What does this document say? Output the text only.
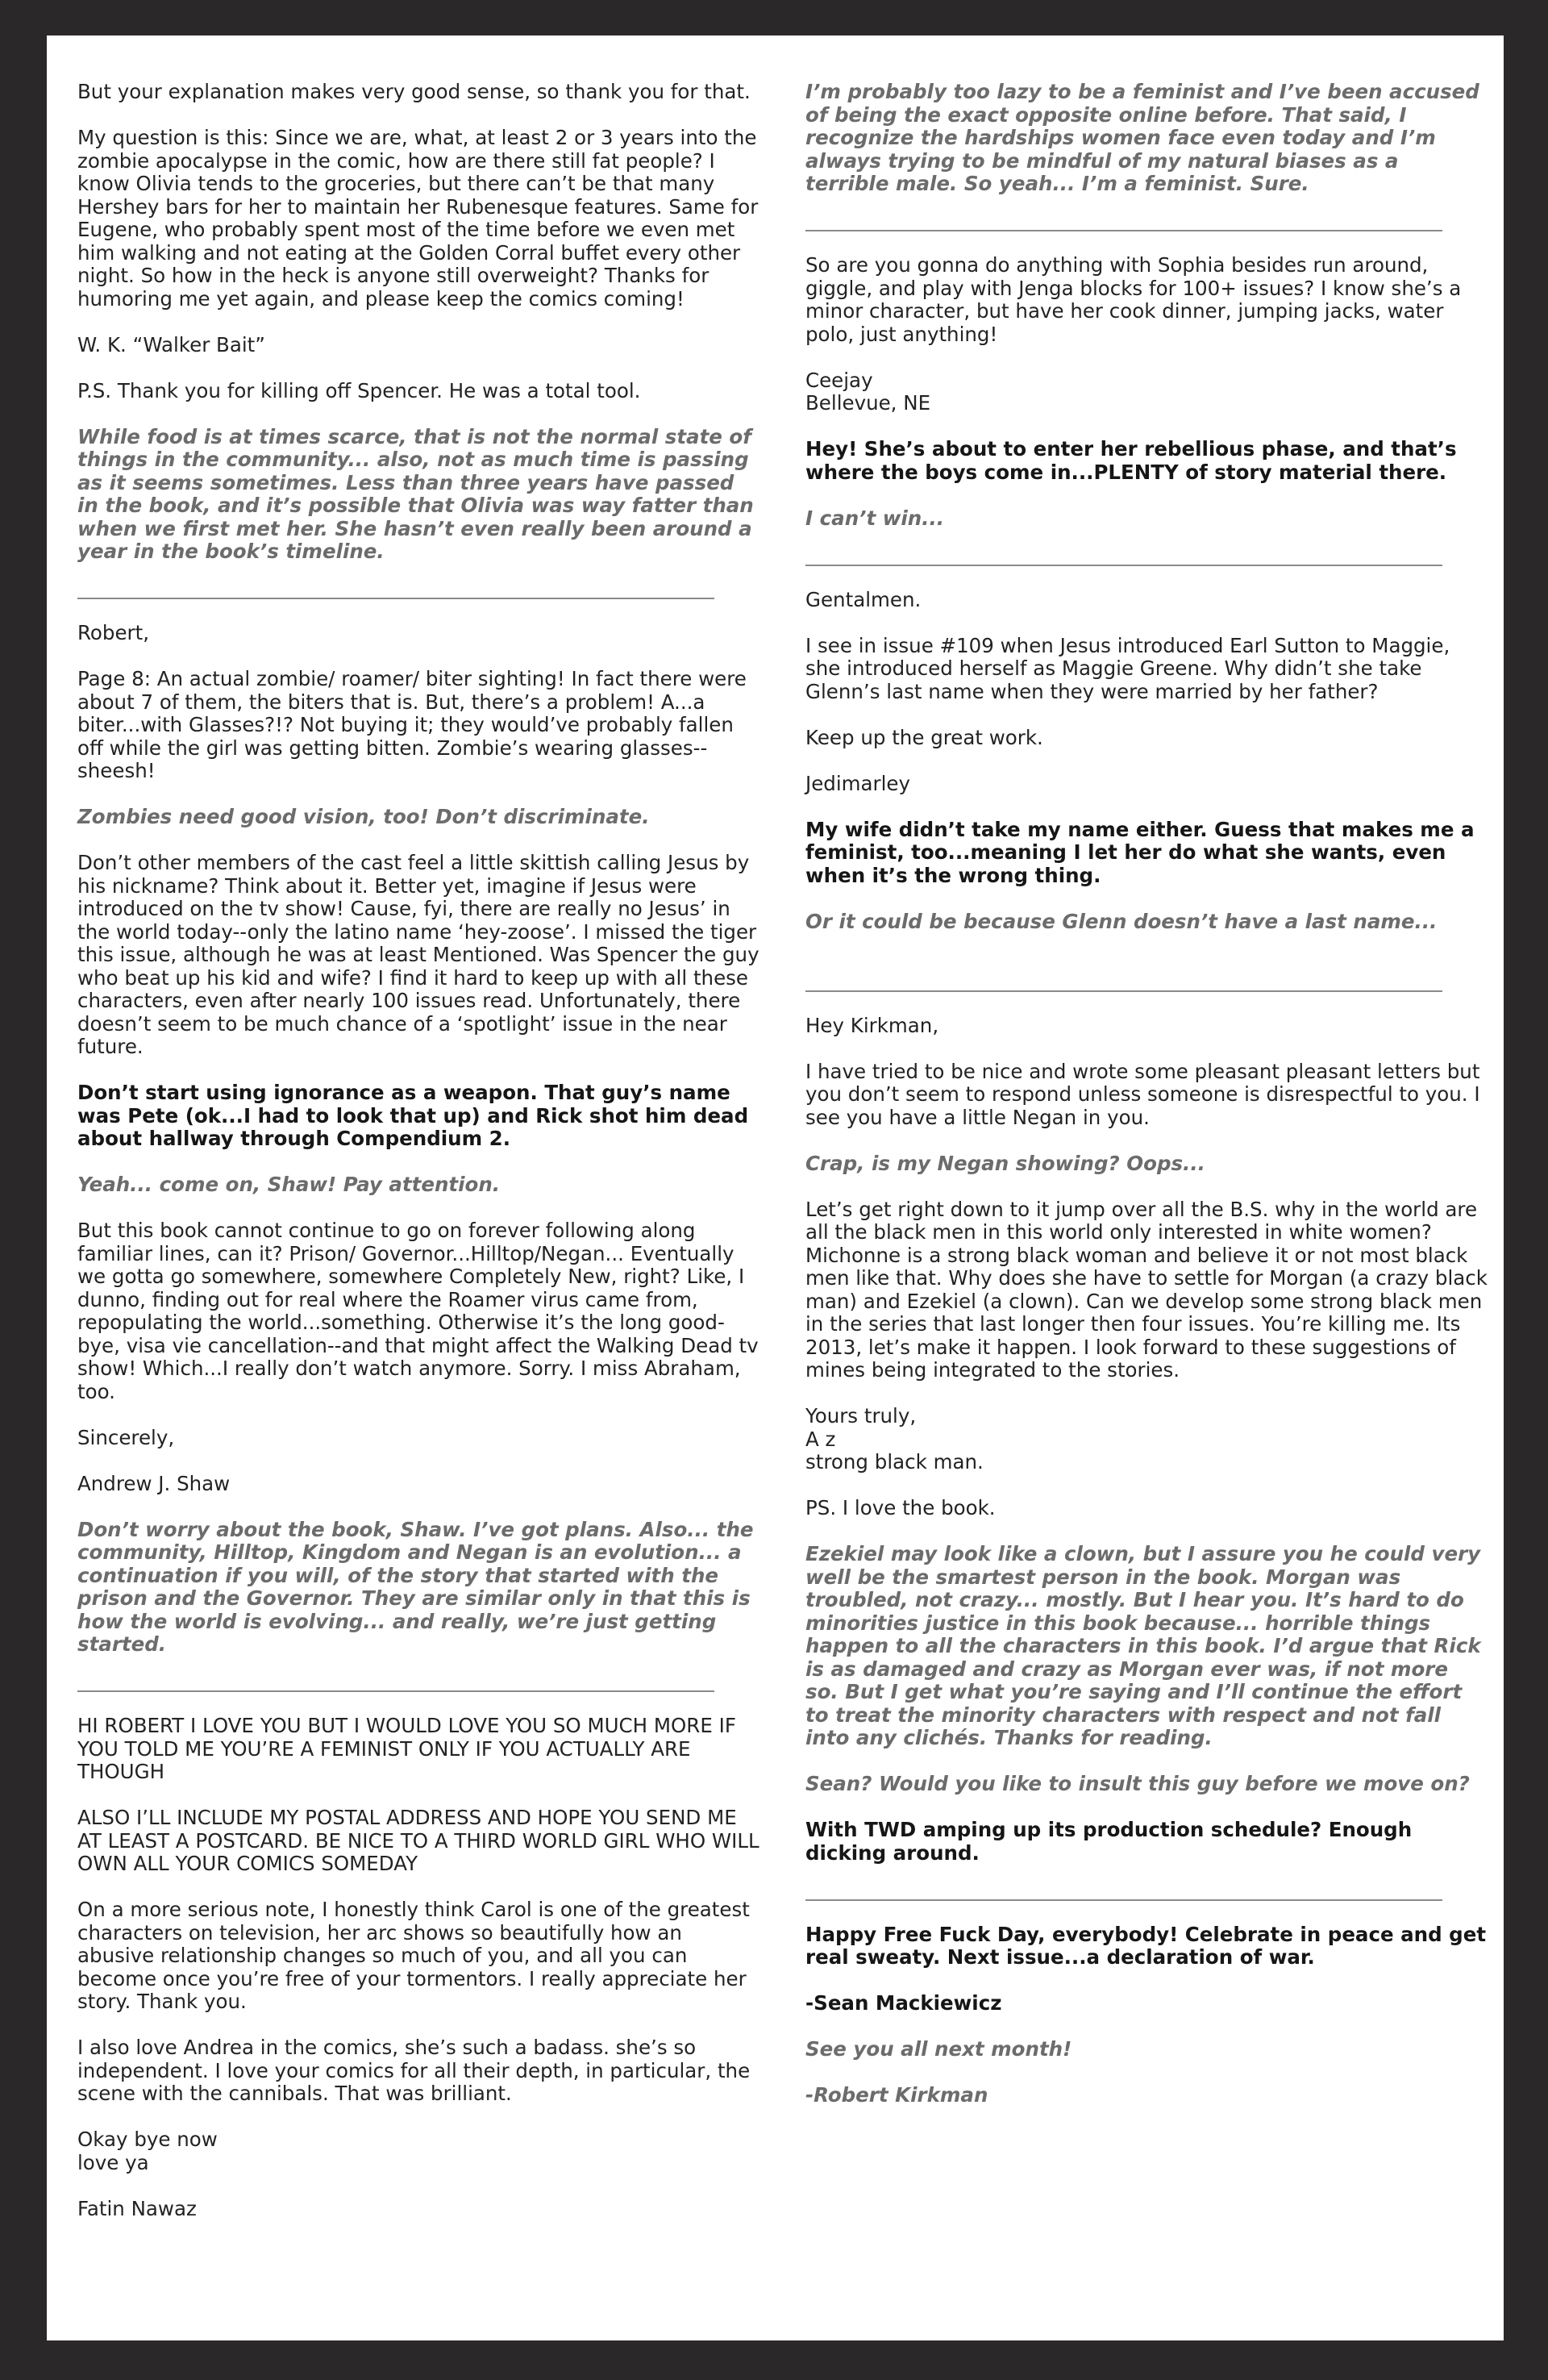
But your explanation makes very good sense, so thank you for that.
My question is this: Since we are, what, at least 2 or 3 years into the zombie apocalypse in the comic, how are there still fat people? I know Olivia tends to the groceries, but there can’t be that many Hershey bars for her to maintain her Rubenesque features. Same for Eugene, who probably spent most of the time before we even met him walking and not eating at the Golden Corral buffet every other night. So how in the heck is anyone still overweight? Thanks for humoring me yet again, and please keep the comics coming!
W. K. “Walker Bait”
P.S. Thank you for killing off Spencer. He was a total tool.
While food is at times scarce, that is not the normal state of things in the community... also, not as much time is passing as it seems sometimes. Less than three years have passed in the book, and it’s possible that Olivia was way fatter than when we first met her. She hasn’t even really been around a year in the book’s timeline.
Robert,
Page 8: An actual zombie/ roamer/ biter sighting! In fact there were about 7 of them, the biters that is. But, there’s a problem! A...a biter...with Glasses?!? Not buying it; they would’ve probably fallen off while the girl was getting bitten. Zombie’s wearing glasses--sheesh!
Zombies need good vision, too! Don’t discriminate.
Don’t other members of the cast feel a little skittish calling Jesus by his nickname? Think about it. Better yet, imagine if Jesus were introduced on the tv show! Cause, fyi, there are really no Jesus’ in the world today--only the latino name ‘hey-zoose’. I missed the tiger this issue, although he was at least Mentioned. Was Spencer the guy who beat up his kid and wife? I find it hard to keep up with all these characters, even after nearly 100 issues read. Unfortunately, there doesn’t seem to be much chance of a ‘spotlight’ issue in the near future.
Don’t start using ignorance as a weapon. That guy’s name was Pete (ok...I had to look that up) and Rick shot him dead about hallway through Compendium 2.
Yeah... come on, Shaw! Pay attention.
But this book cannot continue to go on forever following along familiar lines, can it? Prison/ Governor...Hilltop/Negan... Eventually we gotta go somewhere, somewhere Completely New, right? Like, I dunno, finding out for real where the Roamer virus came from, repopulating the world...something. Otherwise it’s the long good-bye, visa vie cancellation--and that might affect the Walking Dead tv show! Which...I really don’t watch anymore. Sorry. I miss Abraham, too.
Sincerely,
Andrew J. Shaw
Don’t worry about the book, Shaw. I’ve got plans. Also... the community, Hilltop, Kingdom and Negan is an evolution... a continuation if you will, of the story that started with the prison and the Governor. They are similar only in that this is how the world is evolving... and really, we’re just getting started.
HI ROBERT I LOVE YOU BUT I WOULD LOVE YOU SO MUCH MORE IF YOU TOLD ME YOU’RE A FEMINIST ONLY IF YOU ACTUALLY ARE THOUGH
ALSO I’LL INCLUDE MY POSTAL ADDRESS AND HOPE YOU SEND ME AT LEAST A POSTCARD. BE NICE TO A THIRD WORLD GIRL WHO WILL OWN ALL YOUR COMICS SOMEDAY
On a more serious note, I honestly think Carol is one of the greatest characters on television, her arc shows so beautifully how an abusive relationship changes so much of you, and all you can become once you’re free of your tormentors. I really appreciate her story. Thank you.
I also love Andrea in the comics, she’s such a badass. she’s so independent. I love your comics for all their depth, in particular, the scene with the cannibals. That was brilliant.
Okay bye now
love ya
Fatin Nawaz
I’m probably too lazy to be a feminist and I’ve been accused of being the exact opposite online before. That said, I recognize the hardships women face even today and I’m always trying to be mindful of my natural biases as a terrible male. So yeah... I’m a feminist. Sure.
So are you gonna do anything with Sophia besides run around, giggle, and play with Jenga blocks for 100+ issues? I know she’s a minor character, but have her cook dinner, jumping jacks, water polo, just anything!
Ceejay
Bellevue, NE
Hey! She’s about to enter her rebellious phase, and that’s where the boys come in...PLENTY of story material there.
I can’t win...
Gentalmen.
I see in issue #109 when Jesus introduced Earl Sutton to Maggie, she introduced herself as Maggie Greene. Why didn’t she take Glenn’s last name when they were married by her father?
Keep up the great work.
Jedimarley
My wife didn’t take my name either. Guess that makes me a feminist, too...meaning I let her do what she wants, even when it’s the wrong thing.
Or it could be because Glenn doesn’t have a last name...
Hey Kirkman,
I have tried to be nice and wrote some pleasant pleasant letters but you don’t seem to respond unless someone is disrespectful to you. I see you have a little Negan in you.
Crap, is my Negan showing? Oops...
Let’s get right down to it jump over all the B.S. why in the world are all the black men in this world only interested in white women? Michonne is a strong black woman and believe it or not most black men like that. Why does she have to settle for Morgan (a crazy black man) and Ezekiel (a clown). Can we develop some strong black men in the series that last longer then four issues. You’re killing me. Its 2013, let’s make it happen. I look forward to these suggestions of mines being integrated to the stories.
Yours truly,
A z
strong black man.
PS. I love the book.
Ezekiel may look like a clown, but I assure you he could very well be the smartest person in the book. Morgan was troubled, not crazy... mostly. But I hear you. It’s hard to do minorities justice in this book because... horrible things happen to all the characters in this book. I’d argue that Rick is as damaged and crazy as Morgan ever was, if not more so. But I get what you’re saying and I’ll continue the effort to treat the minority characters with respect and not fall into any clichés. Thanks for reading.
Sean? Would you like to insult this guy before we move on?
With TWD amping up its production schedule? Enough dicking around.
Happy Free Fuck Day, everybody! Celebrate in peace and get real sweaty. Next issue...a declaration of war.
-Sean Mackiewicz
See you all next month!
-Robert Kirkman
